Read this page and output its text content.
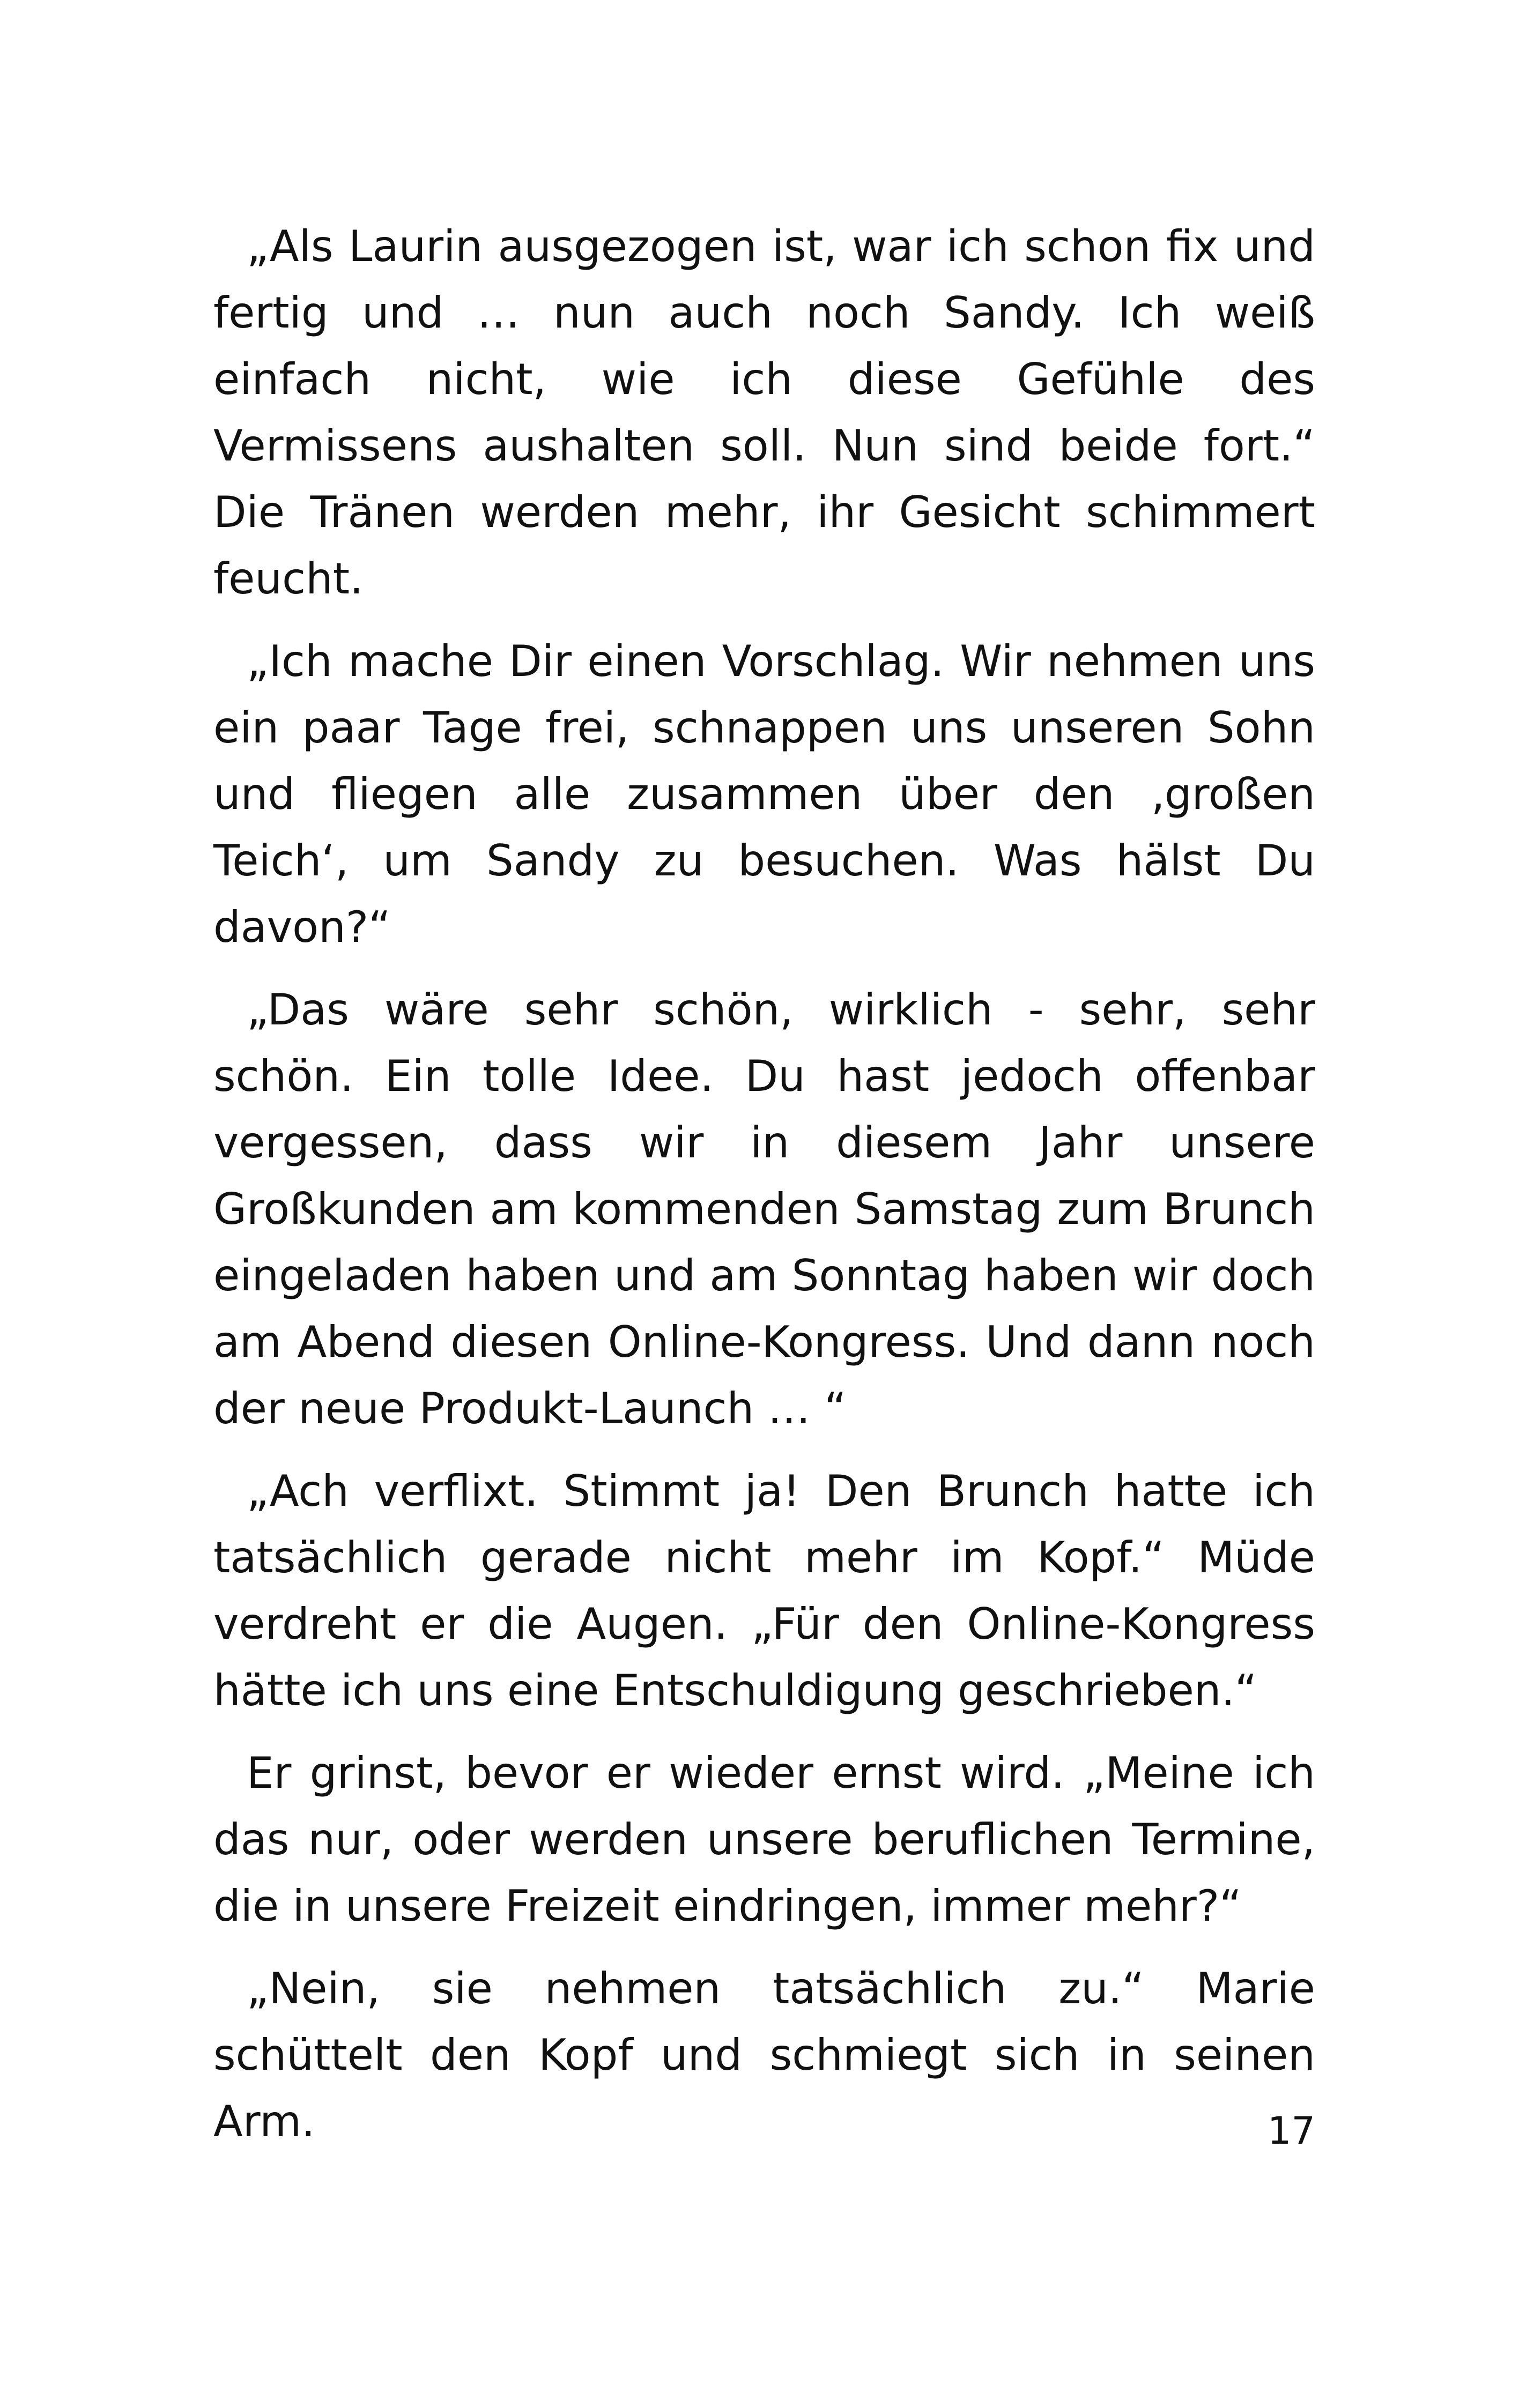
„Als Laurin ausgezogen ist, war ich schon fix und fertig und … nun auch noch Sandy. Ich weiß einfach nicht, wie ich diese Gefühle des Vermissens aushalten soll. Nun sind beide fort.“ Die Tränen werden mehr, ihr Gesicht schimmert feucht.

„Ich mache Dir einen Vorschlag. Wir nehmen uns ein paar Tage frei, schnappen uns unseren Sohn und fliegen alle zusammen über den ‚großen Teich‘, um Sandy zu besuchen. Was hälst Du davon?“

„Das wäre sehr schön, wirklich - sehr, sehr schön. Ein tolle Idee. Du hast jedoch offenbar vergessen, dass wir in diesem Jahr unsere Großkunden am kommenden Samstag zum Brunch eingeladen haben und am Sonntag haben wir doch am Abend diesen Online-Kongress. Und dann noch der neue Produkt-Launch … “

„Ach verflixt. Stimmt ja! Den Brunch hatte ich tatsächlich gerade nicht mehr im Kopf.“ Müde verdreht er die Augen. „Für den Online-Kongress hätte ich uns eine Entschuldigung geschrieben.“

Er grinst, bevor er wieder ernst wird. „Meine ich das nur, oder werden unsere beruflichen Termine, die in unsere Freizeit eindringen, immer mehr?“

„Nein, sie nehmen tatsächlich zu.“ Marie schüttelt den Kopf und schmiegt sich in seinen Arm.	17
